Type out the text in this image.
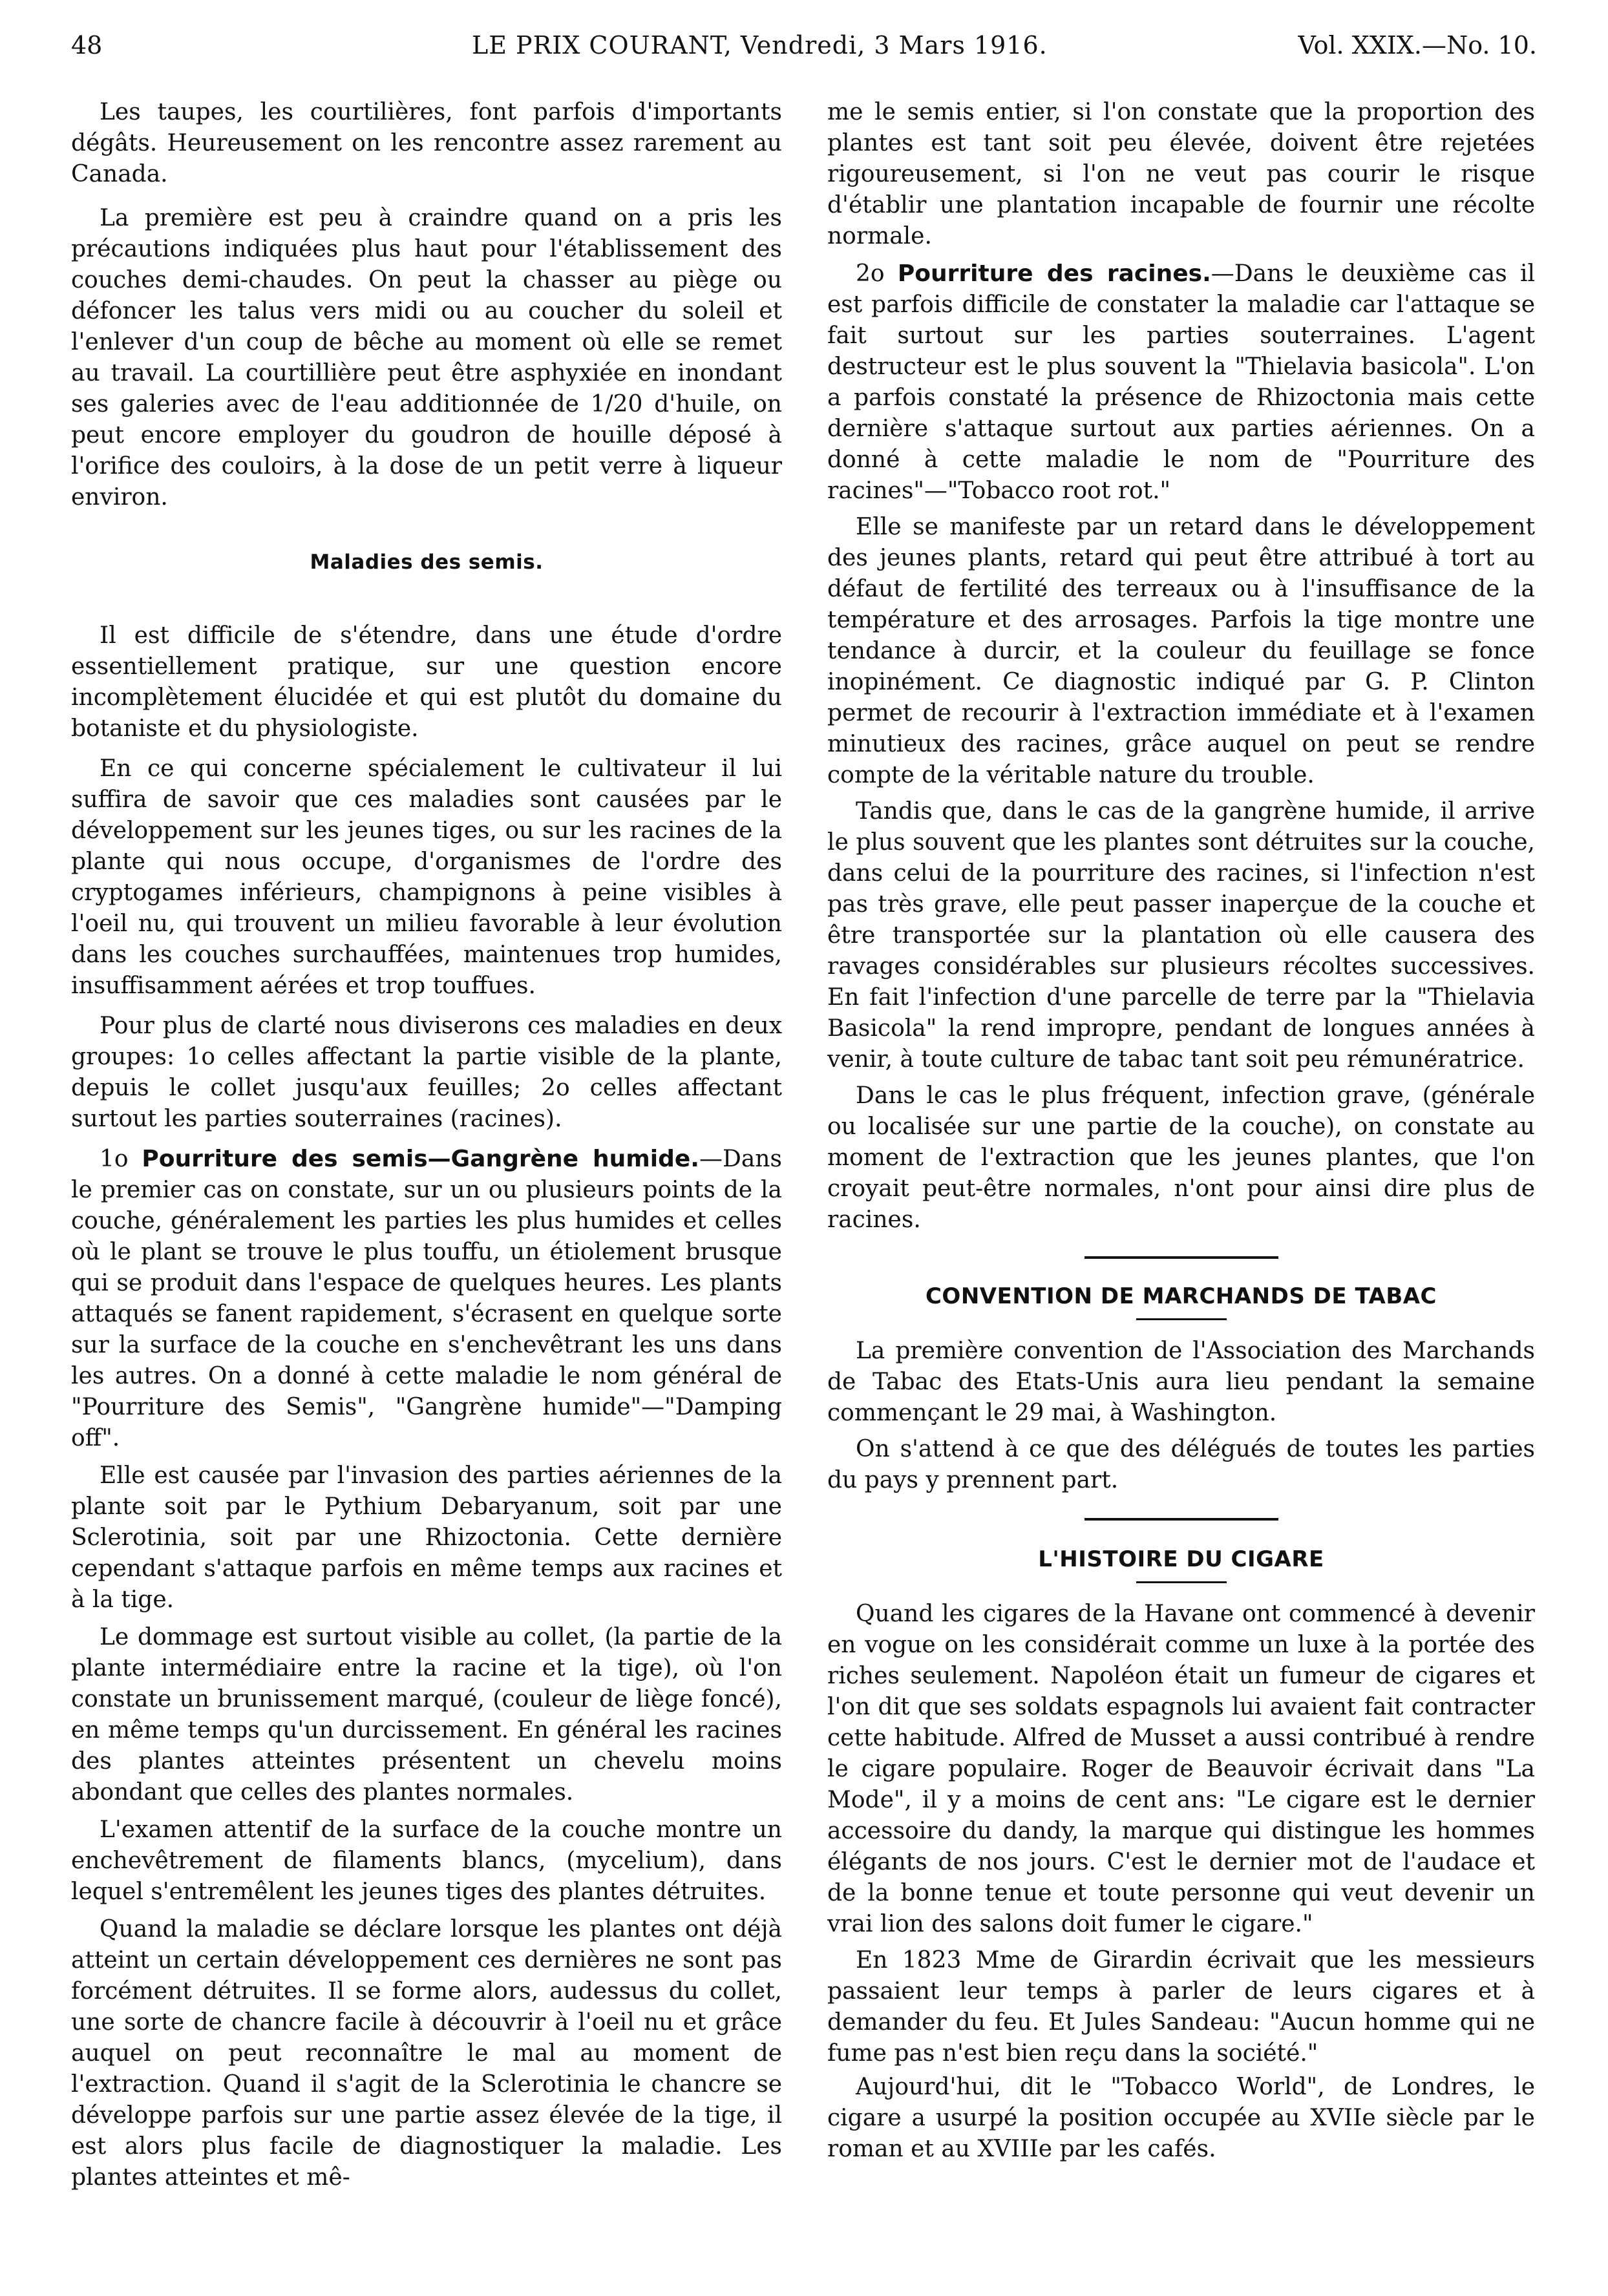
48	LE PRIX COURANT, Vendredi, 3 Mars 1916.	Vol. XXIX.—No. 10.

Les taupes, les courtilières, font parfois d'importants dégâts. Heureusement on les rencontre assez rarement au Canada.

La première est peu à craindre quand on a pris les précautions indiquées plus haut pour l'établissement des couches demi-chaudes. On peut la chasser au piège ou défoncer les talus vers midi ou au coucher du soleil et l'enlever d'un coup de bêche au moment où elle se remet au travail. La courtillière peut être asphyxiée en inondant ses galeries avec de l'eau additionnée de 1/20 d'huile, on peut encore employer du goudron de houille déposé à l'orifice des couloirs, à la dose de un petit verre à liqueur environ.

Maladies des semis.

Il est difficile de s'étendre, dans une étude d'ordre essentiellement pratique, sur une question encore incomplètement élucidée et qui est plutôt du domaine du botaniste et du physiologiste.

En ce qui concerne spécialement le cultivateur il lui suffira de savoir que ces maladies sont causées par le développement sur les jeunes tiges, ou sur les racines de la plante qui nous occupe, d'organismes de l'ordre des cryptogames inférieurs, champignons à peine visibles à l'oeil nu, qui trouvent un milieu favorable à leur évolution dans les couches surchauffées, maintenues trop humides, insuffisamment aérées et trop touffues.

Pour plus de clarté nous diviserons ces maladies en deux groupes: 1o celles affectant la partie visible de la plante, depuis le collet jusqu'aux feuilles; 2o celles affectant surtout les parties souterraines (racines).

1o Pourriture des semis—Gangrène humide.—Dans le premier cas on constate, sur un ou plusieurs points de la couche, généralement les parties les plus humides et celles où le plant se trouve le plus touffu, un étiolement brusque qui se produit dans l'espace de quelques heures. Les plants attaqués se fanent rapidement, s'écrasent en quelque sorte sur la surface de la couche en s'enchevêtrant les uns dans les autres. On a donné à cette maladie le nom général de "Pourriture des Semis", "Gangrène humide"—"Damping off".

Elle est causée par l'invasion des parties aériennes de la plante soit par le Pythium Debaryanum, soit par une Sclerotinia, soit par une Rhizoctonia. Cette dernière cependant s'attaque parfois en même temps aux racines et à la tige.

Le dommage est surtout visible au collet, (la partie de la plante intermédiaire entre la racine et la tige), où l'on constate un brunissement marqué, (couleur de liège foncé), en même temps qu'un durcissement. En général les racines des plantes atteintes présentent un chevelu moins abondant que celles des plantes normales.

L'examen attentif de la surface de la couche montre un enchevêtrement de filaments blancs, (mycelium), dans lequel s'entremêlent les jeunes tiges des plantes détruites.

Quand la maladie se déclare lorsque les plantes ont déjà atteint un certain développement ces dernières ne sont pas forcément détruites. Il se forme alors, audessus du collet, une sorte de chancre facile à découvrir à l'oeil nu et grâce auquel on peut reconnaître le mal au moment de l'extraction. Quand il s'agit de la Sclerotinia le chancre se développe parfois sur une partie assez élevée de la tige, il est alors plus facile de diagnostiquer la maladie. Les plantes atteintes et mê-

me le semis entier, si l'on constate que la proportion des plantes est tant soit peu élevée, doivent être rejetées rigoureusement, si l'on ne veut pas courir le risque d'établir une plantation incapable de fournir une récolte normale.

2o Pourriture des racines.—Dans le deuxième cas il est parfois difficile de constater la maladie car l'attaque se fait surtout sur les parties souterraines. L'agent destructeur est le plus souvent la "Thielavia basicola". L'on a parfois constaté la présence de Rhizoctonia mais cette dernière s'attaque surtout aux parties aériennes. On a donné à cette maladie le nom de "Pourriture des racines"—"Tobacco root rot."

Elle se manifeste par un retard dans le développement des jeunes plants, retard qui peut être attribué à tort au défaut de fertilité des terreaux ou à l'insuffisance de la température et des arrosages. Parfois la tige montre une tendance à durcir, et la couleur du feuillage se fonce inopinément. Ce diagnostic indiqué par G. P. Clinton permet de recourir à l'extraction immédiate et à l'examen minutieux des racines, grâce auquel on peut se rendre compte de la véritable nature du trouble.

Tandis que, dans le cas de la gangrène humide, il arrive le plus souvent que les plantes sont détruites sur la couche, dans celui de la pourriture des racines, si l'infection n'est pas très grave, elle peut passer inaperçue de la couche et être transportée sur la plantation où elle causera des ravages considérables sur plusieurs récoltes successives. En fait l'infection d'une parcelle de terre par la "Thielavia Basicola" la rend impropre, pendant de longues années à venir, à toute culture de tabac tant soit peu rémunératrice.

Dans le cas le plus fréquent, infection grave, (générale ou localisée sur une partie de la couche), on constate au moment de l'extraction que les jeunes plantes, que l'on croyait peut-être normales, n'ont pour ainsi dire plus de racines.

CONVENTION DE MARCHANDS DE TABAC

La première convention de l'Association des Marchands de Tabac des Etats-Unis aura lieu pendant la semaine commençant le 29 mai, à Washington.

On s'attend à ce que des délégués de toutes les parties du pays y prennent part.

L'HISTOIRE DU CIGARE

Quand les cigares de la Havane ont commencé à devenir en vogue on les considérait comme un luxe à la portée des riches seulement. Napoléon était un fumeur de cigares et l'on dit que ses soldats espagnols lui avaient fait contracter cette habitude. Alfred de Musset a aussi contribué à rendre le cigare populaire. Roger de Beauvoir écrivait dans "La Mode", il y a moins de cent ans: "Le cigare est le dernier accessoire du dandy, la marque qui distingue les hommes élégants de nos jours. C'est le dernier mot de l'audace et de la bonne tenue et toute personne qui veut devenir un vrai lion des salons doit fumer le cigare."

En 1823 Mme de Girardin écrivait que les messieurs passaient leur temps à parler de leurs cigares et à demander du feu. Et Jules Sandeau: "Aucun homme qui ne fume pas n'est bien reçu dans la société."

Aujourd'hui, dit le "Tobacco World", de Londres, le cigare a usurpé la position occupée au XVIIe siècle par le roman et au XVIIIe par les cafés.
